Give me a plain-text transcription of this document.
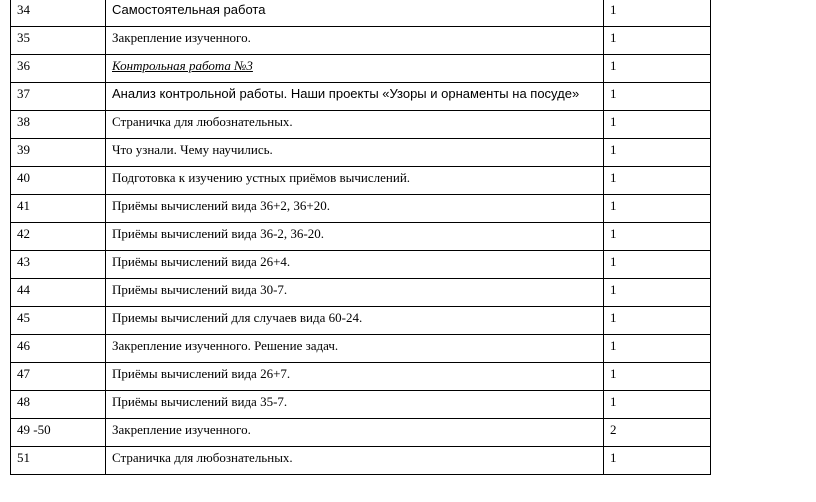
34	Самостоятельная работа	1
35	Закрепление изученного.	1
36	Контрольная работа №3	1
37	Анализ контрольной работы. Наши проекты «Узоры и орнаменты на посуде»	1
38	Страничка для любознательных.	1
39	Что узнали. Чему научились.	1
40	Подготовка к изучению устных приёмов вычислений.	1
41	Приёмы вычислений вида 36+2, 36+20.	1
42	Приёмы вычислений вида 36-2, 36-20.	1
43	Приёмы вычислений вида 26+4.	1
44	Приёмы вычислений вида 30-7.	1
45	Приемы вычислений для случаев вида 60-24.	1
46	Закрепление изученного. Решение задач.	1
47	Приёмы вычислений вида 26+7.	1
48	Приёмы вычислений вида 35-7.	1
49 -50	Закрепление изученного.	2
51	Страничка для любознательных.	1
